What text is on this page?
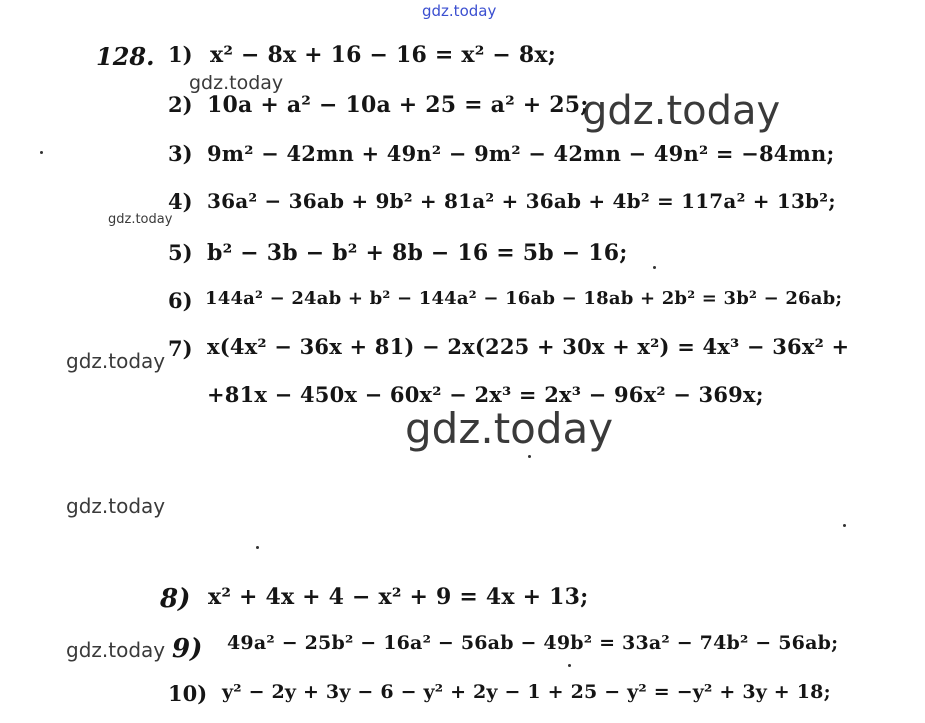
gdz.today
gdz.today
gdz.today
gdz.today
gdz.today
gdz.today
gdz.today
gdz.today
128. 1) x² − 8x + 16 − 16 = x² − 8x;
2) 10a + a² − 10a + 25 = a² + 25;
3) 9m² − 42mn + 49n² − 9m² − 42mn − 49n² = −84mn;
4) 36a² − 36ab + 9b² + 81a² + 36ab + 4b² = 117a² + 13b²;
5) b² − 3b − b² + 8b − 16 = 5b − 16;
6) 144a² − 24ab + b² − 144a² − 16ab − 18ab + 2b² = 3b² − 26ab;
7) x(4x² − 36x + 81) − 2x(225 + 30x + x²) = 4x³ − 36x² +
+81x − 450x − 60x² − 2x³ = 2x³ − 96x² − 369x;
8) x² + 4x + 4 − x² + 9 = 4x + 13;
9) 49a² − 25b² − 16a² − 56ab − 49b² = 33a² − 74b² − 56ab;
10) y² − 2y + 3y − 6 − y² + 2y − 1 + 25 − y² = −y² + 3y + 18;
